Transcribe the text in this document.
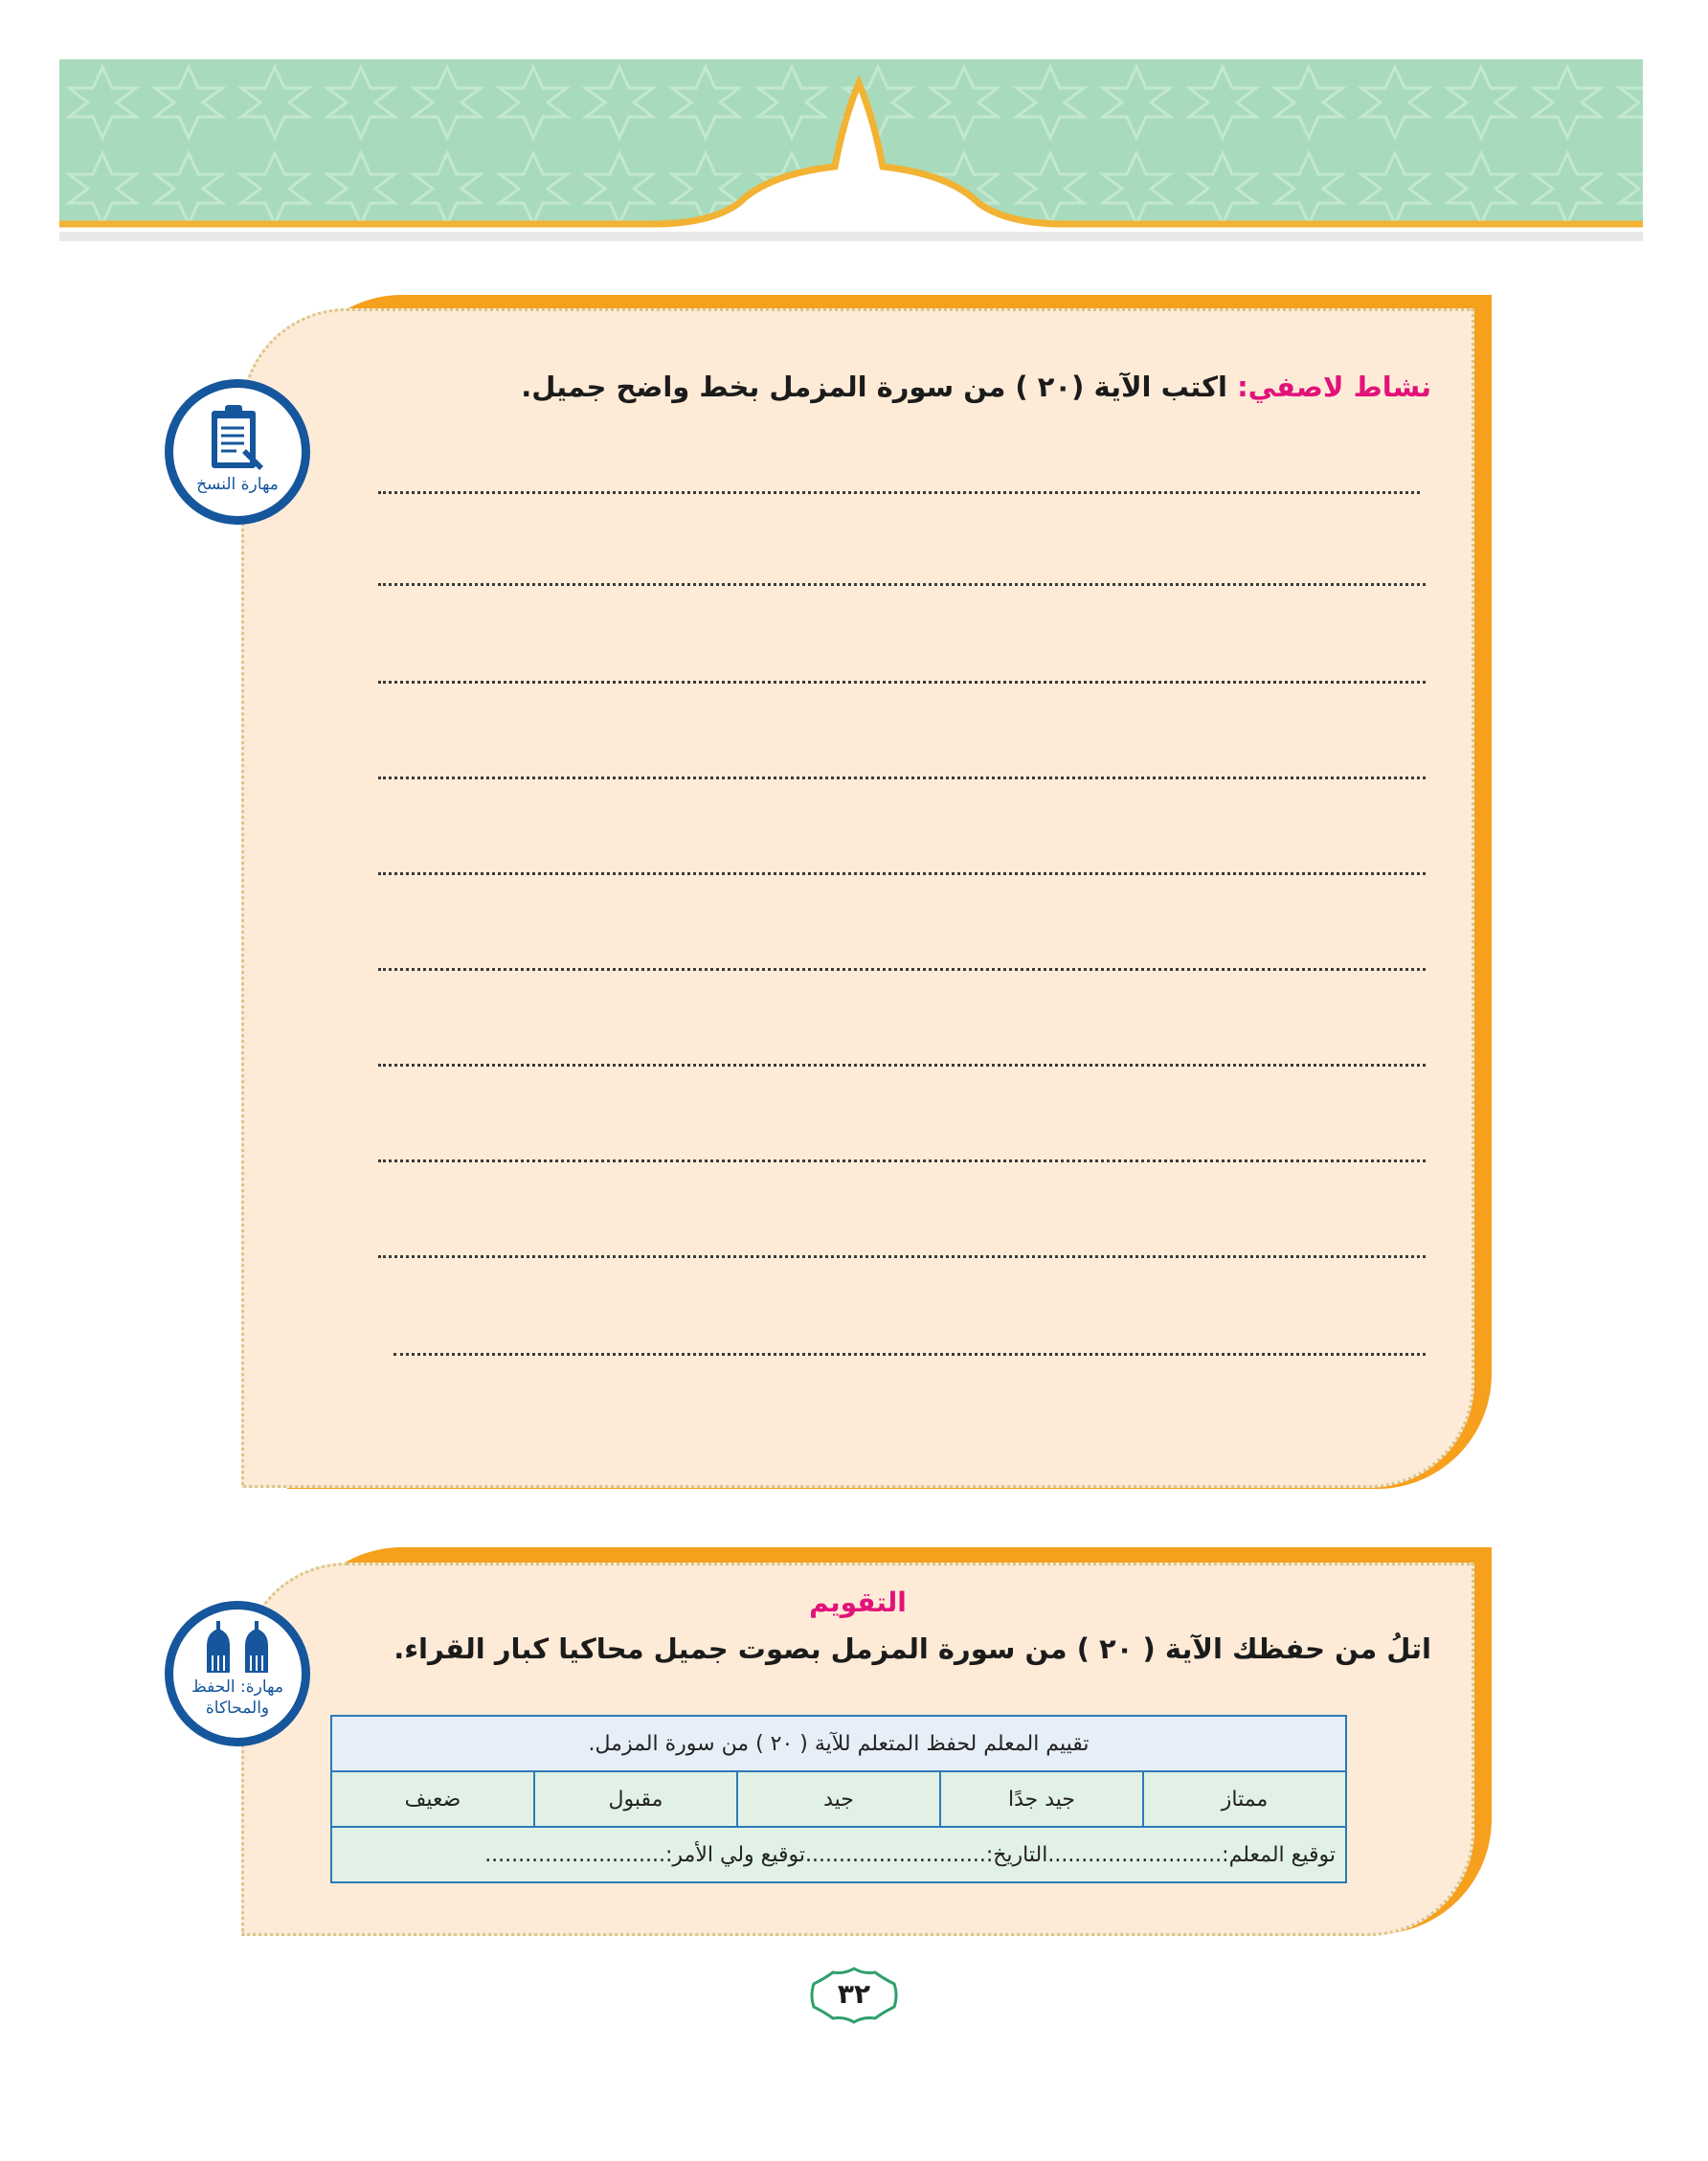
نشاط لاصفي: اكتب الآية (٢٠ ) من سورة المزمل بخط واضح جميل.
مهارة النسخ
التقويم
اتلُ من حفظك الآية ( ٢٠ ) من سورة المزمل بصوت جميل محاكيا كبار القراء.
تقييم المعلم لحفظ المتعلم للآية ( ٢٠ ) من سورة المزمل.
ممتاز	جيد جدًا	جيد	مقبول	ضعيف
توقيع المعلم:..........................التاريخ:...........................توقيع ولي الأمر:...........................
مهارة: الحفظ
والمحاكاة
٣٢
